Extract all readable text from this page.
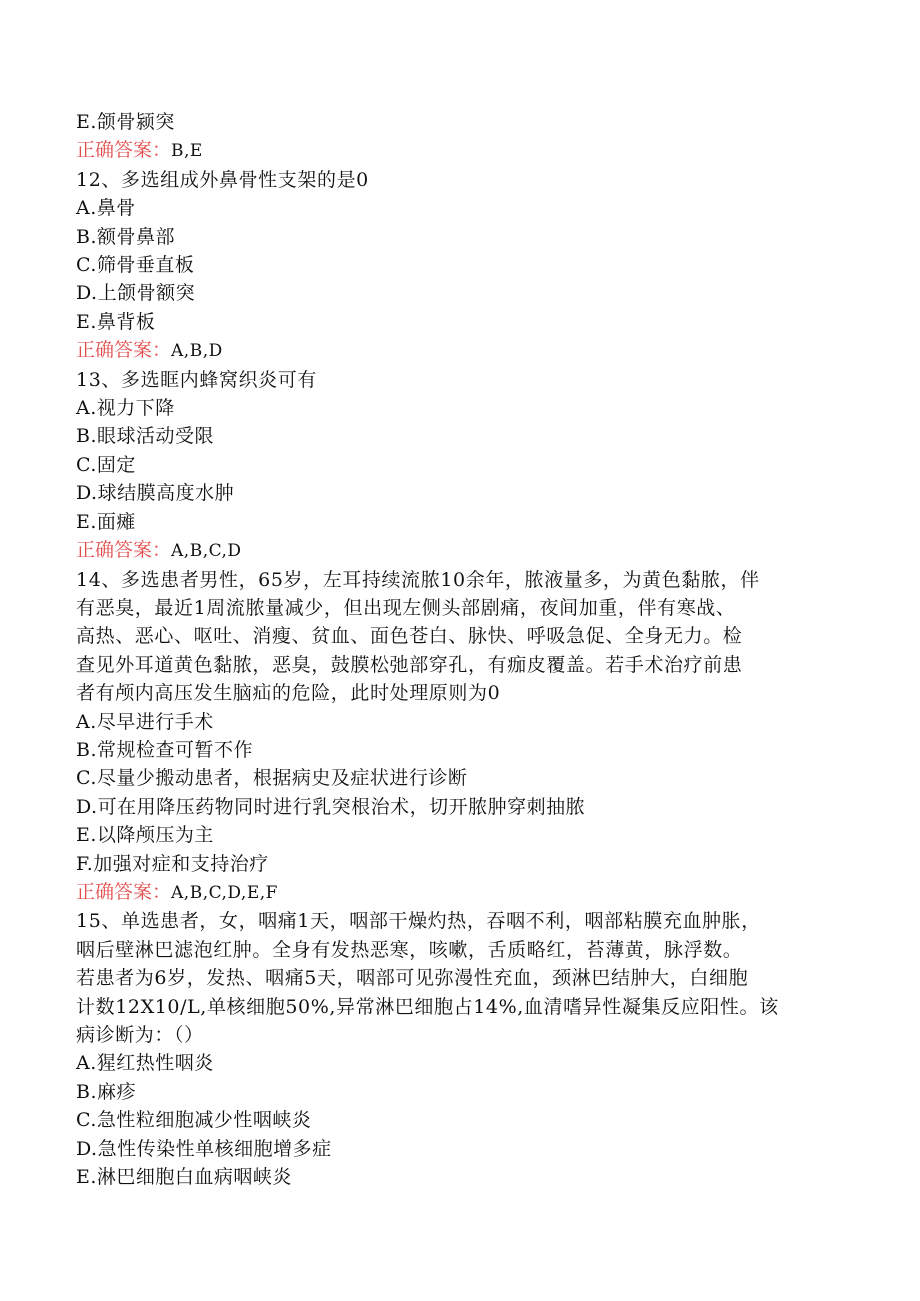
E.颌骨颍突
正确答案：B,E
12、多选组成外鼻骨性支架的是0
A.鼻骨
B.额骨鼻部
C.筛骨垂直板
D.上颌骨额突
E.鼻背板
正确答案：A,B,D
13、多选眶内蜂窝织炎可有
A.视力下降
B.眼球活动受限
C.固定
D.球结膜高度水肿
E.面瘫
正确答案：A,B,C,D
14、多选患者男性，65岁，左耳持续流脓10余年，脓液量多，为黄色黏脓，伴
有恶臭，最近1周流脓量减少，但出现左侧头部剧痛，夜间加重，伴有寒战、
高热、恶心、呕吐、消瘦、贫血、面色苍白、脉快、呼吸急促、全身无力。检
查见外耳道黄色黏脓，恶臭，鼓膜松弛部穿孔，有痂皮覆盖。若手术治疗前患
者有颅内高压发生脑疝的危险，此时处理原则为0
A.尽早进行手术
B.常规检查可暂不作
C.尽量少搬动患者，根据病史及症状进行诊断
D.可在用降压药物同时进行乳突根治术，切开脓肿穿刺抽脓
E.以降颅压为主
F.加强对症和支持治疗
正确答案：A,B,C,D,E,F
15、单选患者，女，咽痛1天，咽部干燥灼热，吞咽不利，咽部粘膜充血肿胀，
咽后壁淋巴滤泡红肿。全身有发热恶寒，咳嗽，舌质略红，苔薄黄，脉浮数。
若患者为6岁，发热、咽痛5天，咽部可见弥漫性充血，颈淋巴结肿大，白细胞
计数12X10/L,单核细胞50%,异常淋巴细胞占14%,血清嗜异性凝集反应阳性。该
病诊断为：（）
A.猩红热性咽炎
B.麻疹
C.急性粒细胞减少性咽峡炎
D.急性传染性单核细胞增多症
E.淋巴细胞白血病咽峡炎
